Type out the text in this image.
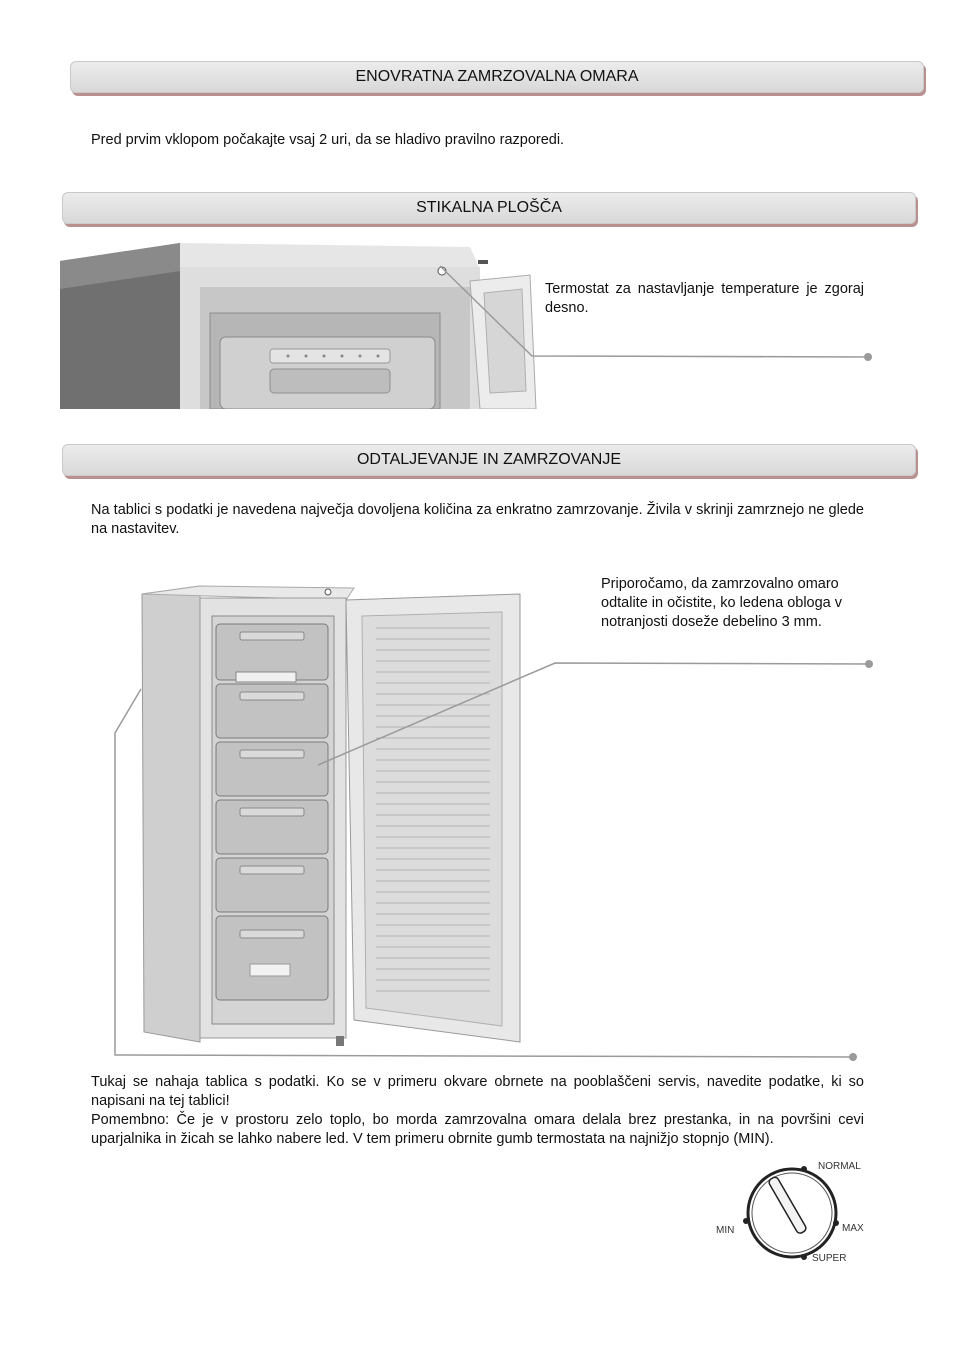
ENOVRATNA ZAMRZOVALNA OMARA
Pred prvim vklopom počakajte vsaj 2 uri, da se hladivo pravilno razporedi.
STIKALNA PLOŠČA
Termostat za nastavljanje temperature je zgoraj desno.
ODTALJEVANJE IN ZAMRZOVANJE
Na tablici s podatki je navedena največja dovoljena količina za enkratno zamrzovanje. Živila v skrinji zamrznejo ne glede na nastavitev.
Priporočamo, da zamrzovalno omaro odtalite in očistite, ko ledena obloga v notranjosti doseže debelino 3 mm.

Tukaj se nahaja tablica s podatki. Ko se v primeru okvare obrnete na pooblaščeni servis, navedite podatke, ki so napisani na tej tablici!

Pomembno: Če je v prostoru zelo toplo, bo morda zamrzovalna omara delala brez prestanka, in na površini cevi uparjalnika in žicah se lahko nabere led. V tem primeru obrnite gumb termostata na najnižjo stopnjo (MIN).

NORMAL
MIN	MAX
SUPER
